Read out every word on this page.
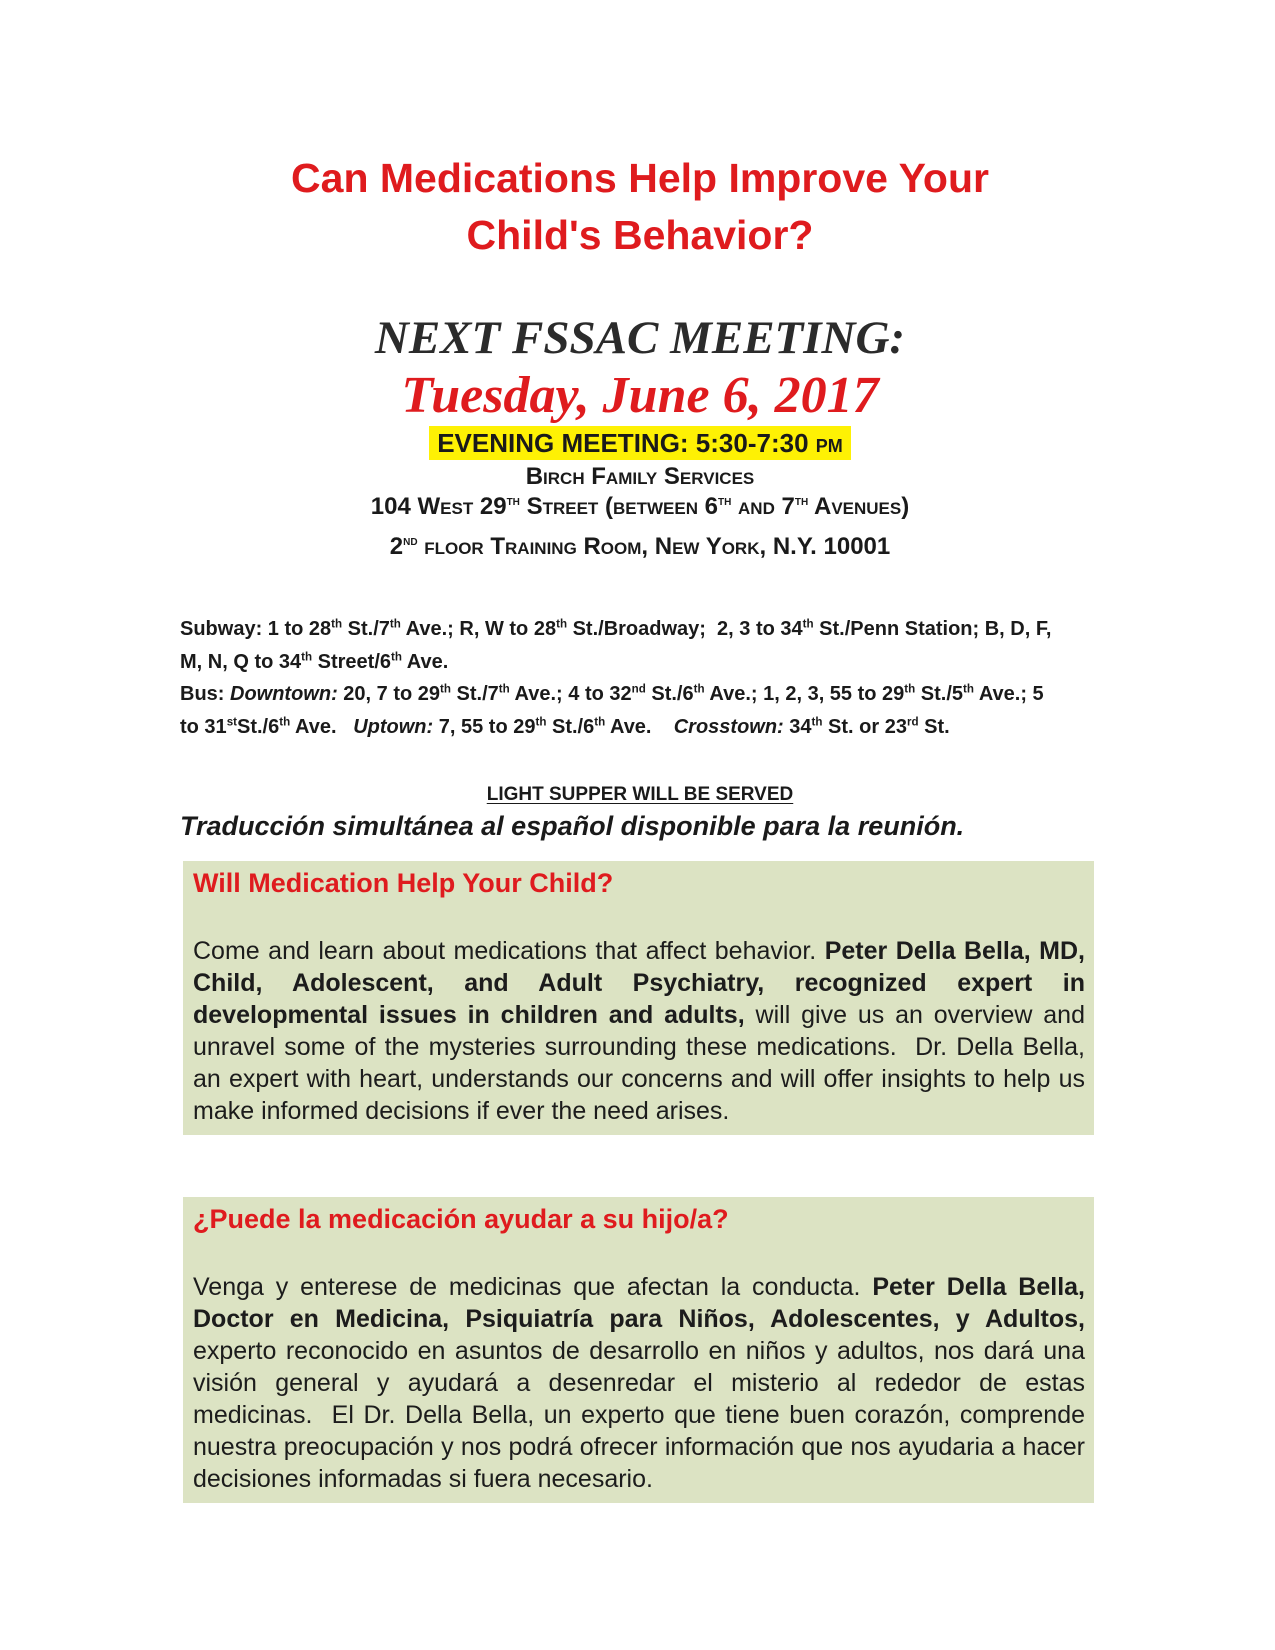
Can Medications Help Improve Your
Child's Behavior?
NEXT FSSAC MEETING:
Tuesday, June 6, 2017
EVENING MEETING: 5:30-7:30 pm
Birch Family Services
104 West 29th Street (between 6th and 7th Avenues)
2nd floor Training Room, New York, N.Y. 10001

Subway: 1 to 28th St./7th Ave.; R, W to 28th St./Broadway;  2, 3 to 34th St./Penn Station; B, D, F, M, N, Q to 34th Street/6th Ave.

Bus: Downtown: 20, 7 to 29th St./7th Ave.; 4 to 32nd St./6th Ave.; 1, 2, 3, 55 to 29th St./5th Ave.; 5 to 31stSt./6th Ave.   Uptown: 7, 55 to 29th St./6th Ave.    Crosstown: 34th St. or 23rd St.

LIGHT SUPPER WILL BE SERVED
Traducción simultánea al español disponible para la reunión.
Will Medication Help Your Child?

Come and learn about medications that affect behavior. Peter Della Bella, MD, Child, Adolescent, and Adult Psychiatry, recognized expert in developmental issues in children and adults, will give us an overview and unravel some of the mysteries surrounding these medications.  Dr. Della Bella, an expert with heart, understands our concerns and will offer insights to help us make informed decisions if ever the need arises.

¿Puede la medicación ayudar a su hijo/a?

Venga y enterese de medicinas que afectan la conducta. Peter Della Bella, Doctor en Medicina, Psiquiatría para Niños, Adolescentes, y Adultos, experto reconocido en asuntos de desarrollo en niños y adultos, nos dará una visión general y ayudará a desenredar el misterio al rededor de estas medicinas.  El Dr. Della Bella, un experto que tiene buen corazón, comprende nuestra preocupación y nos podrá ofrecer información que nos ayudaria a hacer decisiones informadas si fuera necesario.
